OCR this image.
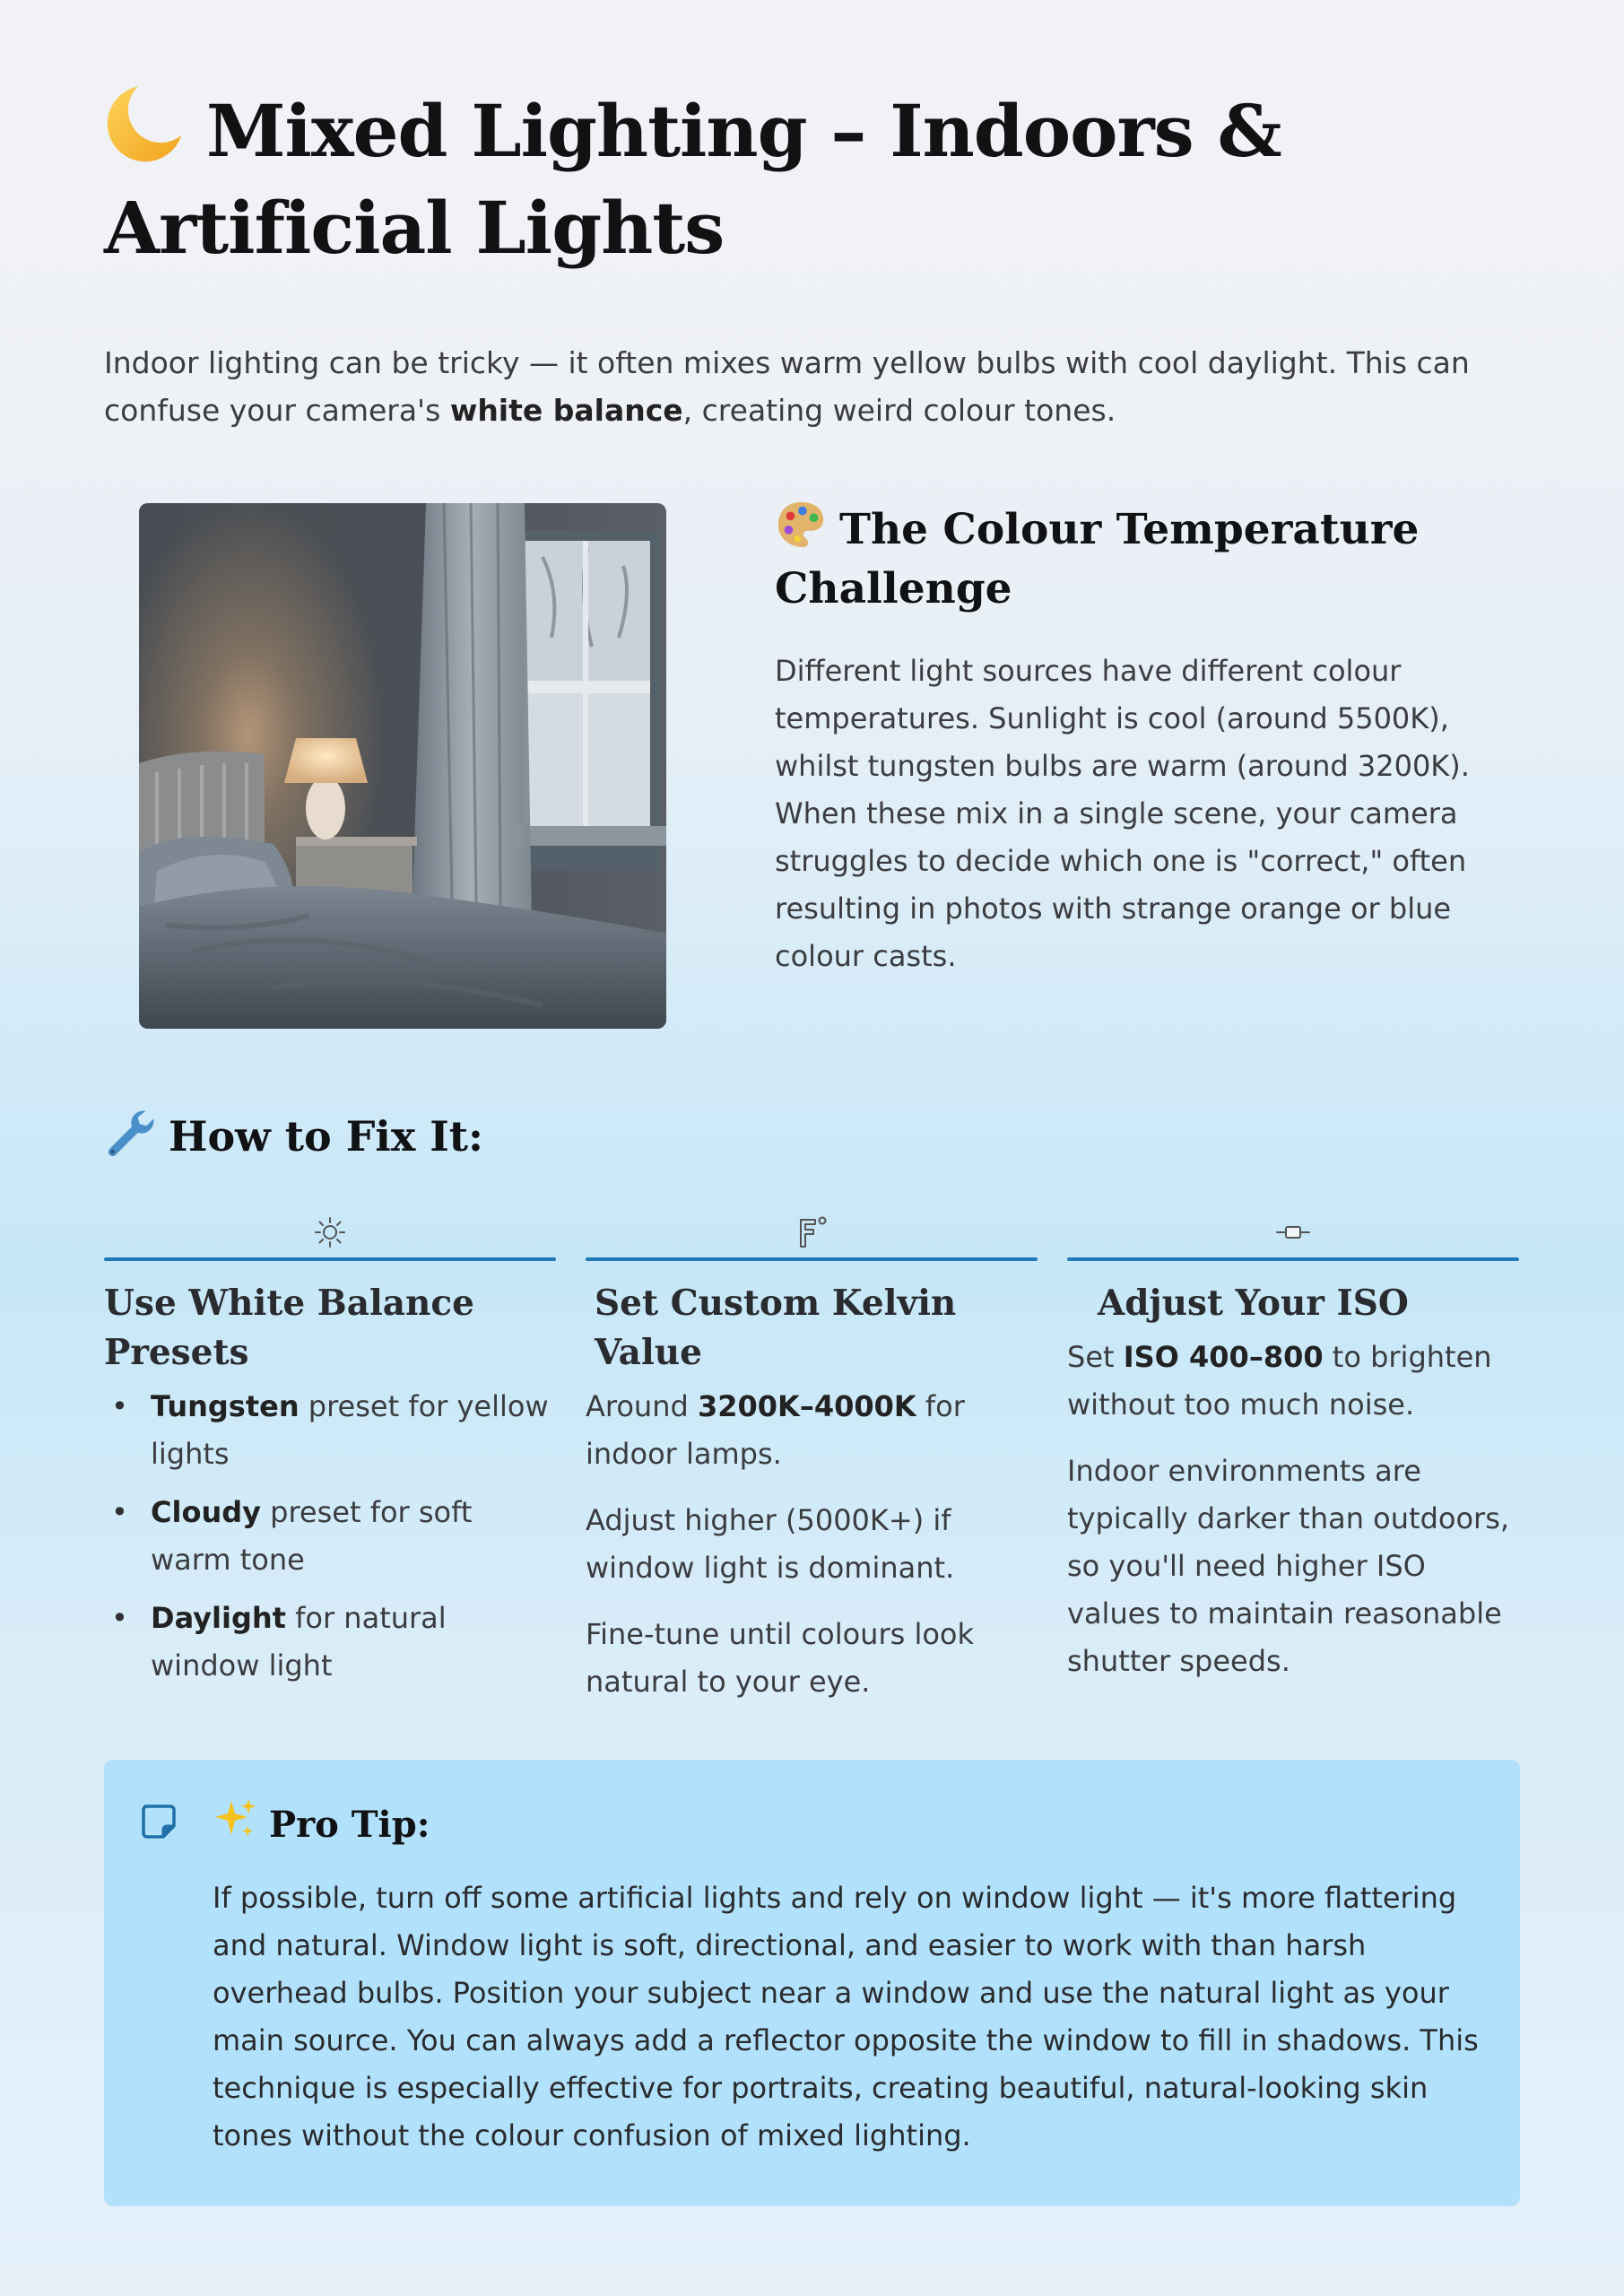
Mixed Lighting – Indoors & Artificial Lights

Indoor lighting can be tricky — it often mixes warm yellow bulbs with cool daylight. This can confuse your camera's white balance, creating weird colour tones.

The Colour Temperature Challenge

Different light sources have different colour temperatures. Sunlight is cool (around 5500K), whilst tungsten bulbs are warm (around 3200K). When these mix in a single scene, your camera struggles to decide which one is "correct," often resulting in photos with strange orange or blue colour casts.

How to Fix It:
Use White Balance Presets
• Tungsten preset for yellow lights
• Cloudy preset for soft warm tone
• Daylight for natural window light
Set Custom Kelvin Value

Around 3200K–4000K for indoor lamps.

Adjust higher (5000K+) if window light is dominant.

Fine-tune until colours look natural to your eye.

Adjust Your ISO

Set ISO 400–800 to brighten without too much noise.

Indoor environments are typically darker than outdoors, so you'll need higher ISO values to maintain reasonable shutter speeds.

Pro Tip:

If possible, turn off some artificial lights and rely on window light — it's more flattering and natural. Window light is soft, directional, and easier to work with than harsh overhead bulbs. Position your subject near a window and use the natural light as your main source. You can always add a reflector opposite the window to fill in shadows. This technique is especially effective for portraits, creating beautiful, natural-looking skin tones without the colour confusion of mixed lighting.
